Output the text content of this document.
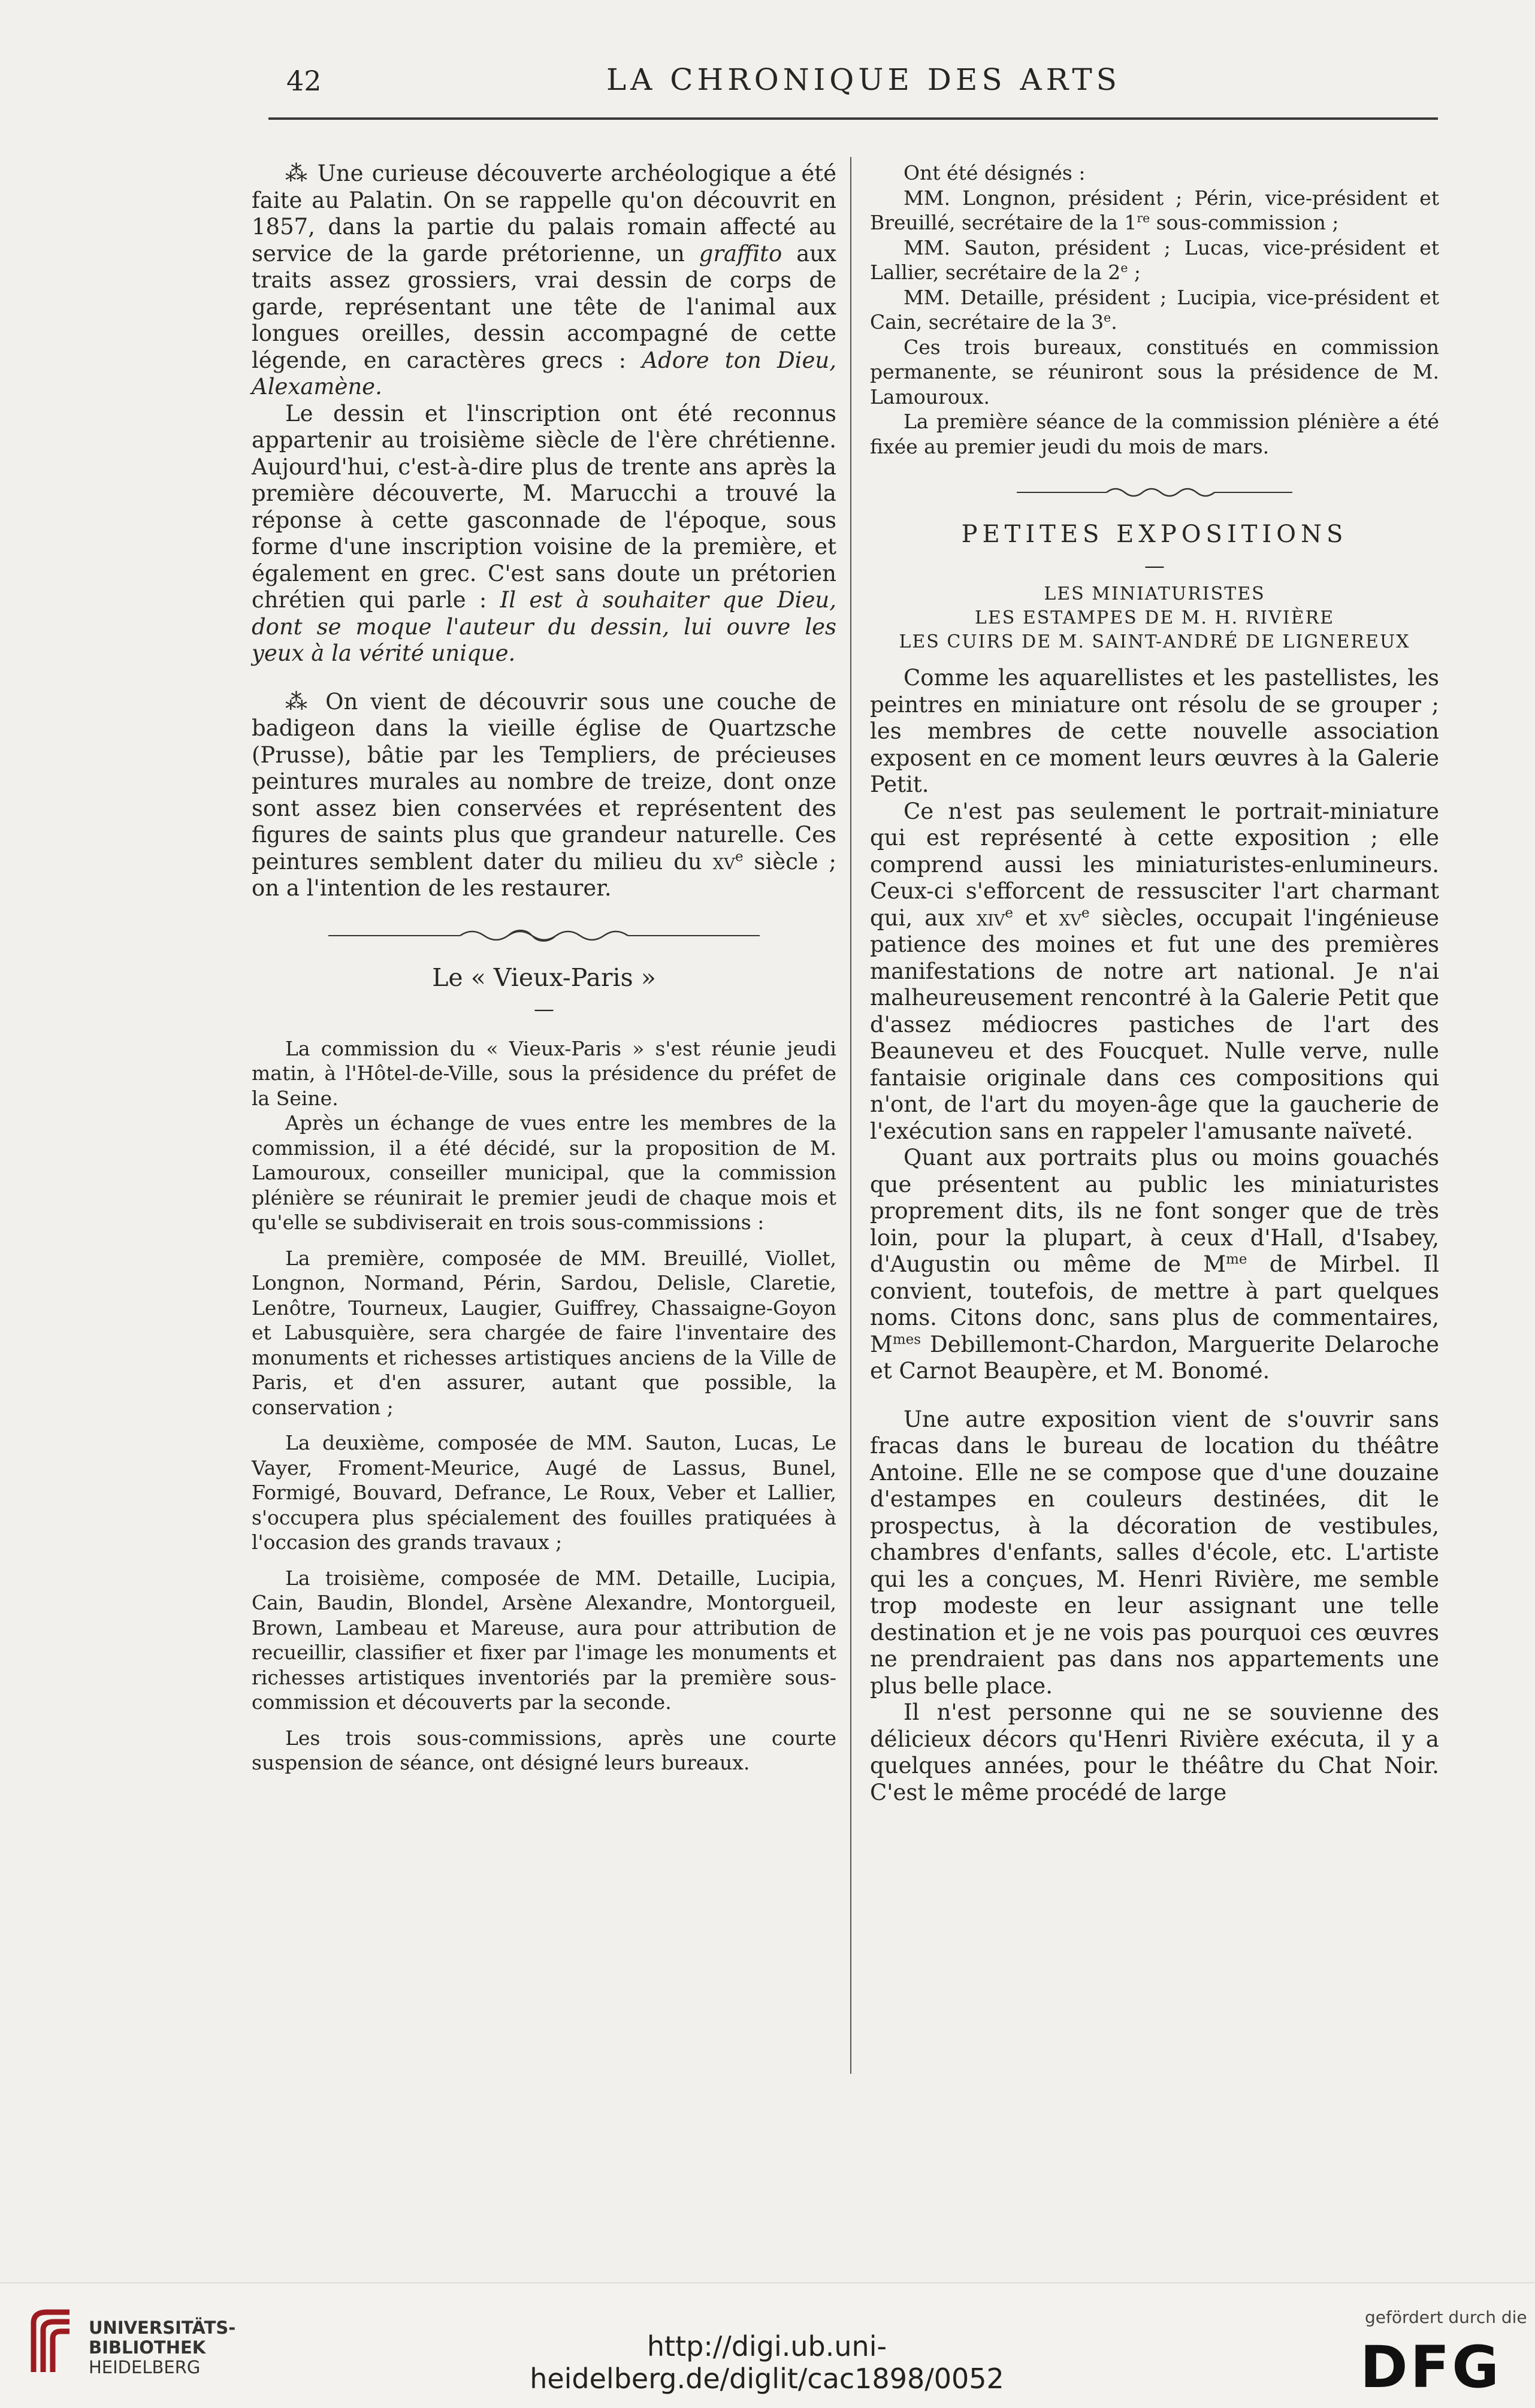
42	LA CHRONIQUE DES ARTS

⁂ Une curieuse découverte archéologique a été faite au Palatin. On se rappelle qu'on découvrit en 1857, dans la partie du palais romain affecté au service de la garde prétorienne, un graffito aux traits assez grossiers, vrai dessin de corps de garde, représentant une tête de l'animal aux longues oreilles, dessin accompagné de cette légende, en caractères grecs : Adore ton Dieu, Alexamène.

Le dessin et l'inscription ont été reconnus appartenir au troisième siècle de l'ère chrétienne. Aujourd'hui, c'est-à-dire plus de trente ans après la première découverte, M. Marucchi a trouvé la réponse à cette gasconnade de l'époque, sous forme d'une inscription voisine de la première, et également en grec. C'est sans doute un prétorien chrétien qui parle : Il est à souhaiter que Dieu, dont se moque l'auteur du dessin, lui ouvre les yeux à la vérité unique.

⁂ On vient de découvrir sous une couche de badigeon dans la vieille église de Quartzsche (Prusse), bâtie par les Templiers, de précieuses peintures murales au nombre de treize, dont onze sont assez bien conservées et représentent des figures de saints plus que grandeur naturelle. Ces peintures semblent dater du milieu du $xv^e$ siècle ; on a l'intention de les restaurer.

Le « Vieux-Paris »
—

La commission du « Vieux-Paris » s'est réunie jeudi matin, à l'Hôtel-de-Ville, sous la présidence du préfet de la Seine.

Après un échange de vues entre les membres de la commission, il a été décidé, sur la proposition de M. Lamouroux, conseiller municipal, que la commission plénière se réunirait le premier jeudi de chaque mois et qu'elle se subdiviserait en trois sous-commissions :

La première, composée de MM. Breuillé, Viollet, Longnon, Normand, Périn, Sardou, Delisle, Claretie, Lenôtre, Tourneux, Laugier, Guiffrey, Chassaigne-Goyon et Labusquière, sera chargée de faire l'inventaire des monuments et richesses artistiques anciens de la Ville de Paris, et d'en assurer, autant que possible, la conservation ;

La deuxième, composée de MM. Sauton, Lucas, Le Vayer, Froment-Meurice, Augé de Lassus, Bunel, Formigé, Bouvard, Defrance, Le Roux, Veber et Lallier, s'occupera plus spécialement des fouilles pratiquées à l'occasion des grands travaux ;

La troisième, composée de MM. Detaille, Lucipia, Cain, Baudin, Blondel, Arsène Alexandre, Montorgueil, Brown, Lambeau et Mareuse, aura pour attribution de recueillir, classifier et fixer par l'image les monuments et richesses artistiques inventoriés par la première sous-commission et découverts par la seconde.

Les trois sous-commissions, après une courte suspension de séance, ont désigné leurs bureaux.

Ont été désignés :

MM. Longnon, président ; Périn, vice-président et Breuillé, secrétaire de la 1re sous-commission ;

MM. Sauton, président ; Lucas, vice-président et Lallier, secrétaire de la 2e ;

MM. Detaille, président ; Lucipia, vice-président et Cain, secrétaire de la 3e.

Ces trois bureaux, constitués en commission permanente, se réuniront sous la présidence de M. Lamouroux.

La première séance de la commission plénière a été fixée au premier jeudi du mois de mars.

PETITES EXPOSITIONS
—
LES MINIATURISTES
LES ESTAMPES DE M. H. RIVIÈRE
LES CUIRS DE M. SAINT-ANDRÉ DE LIGNEREUX

Comme les aquarellistes et les pastellistes, les peintres en miniature ont résolu de se grouper ; les membres de cette nouvelle association exposent en ce moment leurs œuvres à la Galerie Petit.

Ce n'est pas seulement le portrait-miniature qui est représenté à cette exposition ; elle comprend aussi les miniaturistes-enlumineurs. Ceux-ci s'efforcent de ressusciter l'art charmant qui, aux xiv$^e$ et $xv^e$ siècles, occupait l'ingénieuse patience des moines et fut une des premières manifestations de notre art national. Je n'ai malheureusement rencontré à la Galerie Petit que d'assez médiocres pastiches de l'art des Beauneveu et des Foucquet. Nulle verve, nulle fantaisie originale dans ces compositions qui n'ont, de l'art du moyen-âge que la gaucherie de l'exécution sans en rappeler l'amusante naïveté.

Quant aux portraits plus ou moins gouachés que présentent au public les miniaturistes proprement dits, ils ne font songer que de très loin, pour la plupart, à ceux d'Hall, d'Isabey, d'Augustin ou même de $M^{me}$ de Mirbel. Il convient, toutefois, de mettre à part quelques noms. Citons donc, sans plus de commentaires, $M^{mes}$ Debillemont-Chardon, Marguerite Delaroche et Carnot Beaupère, et M. Bonomé.

Une autre exposition vient de s'ouvrir sans fracas dans le bureau de location du théâtre Antoine. Elle ne se compose que d'une douzaine d'estampes en couleurs destinées, dit le prospectus, à la décoration de vestibules, chambres d'enfants, salles d'école, etc. L'artiste qui les a conçues, M. Henri Rivière, me semble trop modeste en leur assignant une telle destination et je ne vois pas pourquoi ces œuvres ne prendraient pas dans nos appartements une plus belle place.

Il n'est personne qui ne se souvienne des délicieux décors qu'Henri Rivière exécuta, il y a quelques années, pour le théâtre du Chat Noir. C'est le même procédé de large

UNIVERSITÄTS-
BIBLIOTHEK
HEIDELBERG
http://digi.ub.uni-heidelberg.de/diglit/cac1898/0052
gefördert durch die
DFG
